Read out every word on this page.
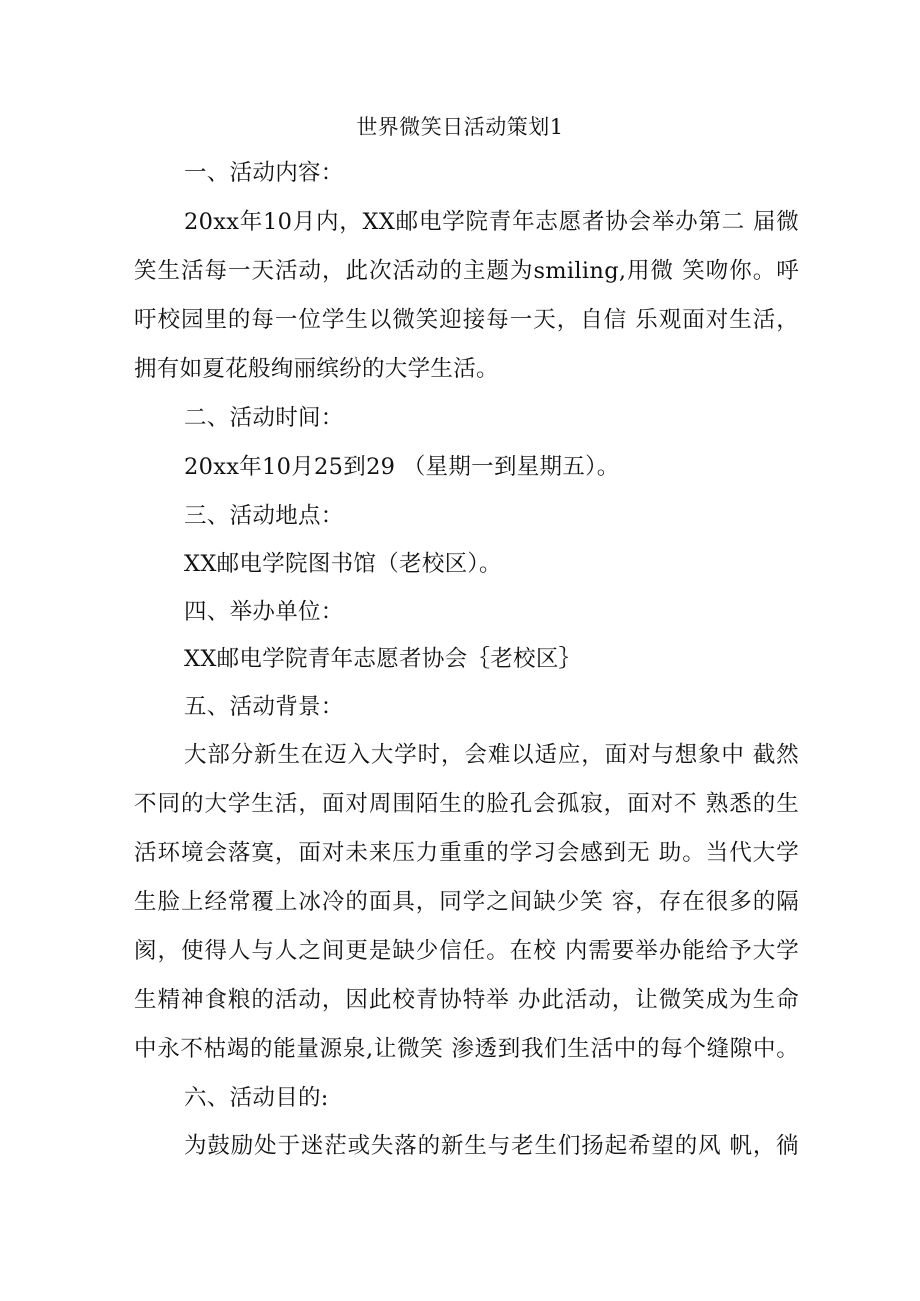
世界微笑日活动策划1
一、活动内容：
20xx年10月内，XX邮电学院青年志愿者协会举办第二 届微
笑生活每一天活动，此次活动的主题为smiling,用微 笑吻你。呼
吁校园里的每一位学生以微笑迎接每一天，自信 乐观面对生活，
拥有如夏花般绚丽缤纷的大学生活。
二、活动时间：
20xx年10月25到29 （星期一到星期五）。
三、活动地点：
XX邮电学院图书馆（老校区）。
四、举办单位：
XX邮电学院青年志愿者协会｛老校区｝
五、活动背景：
大部分新生在迈入大学时，会难以适应，面对与想象中 截然
不同的大学生活，面对周围陌生的脸孔会孤寂，面对不 熟悉的生
活环境会落寞，面对未来压力重重的学习会感到无 助。当代大学
生脸上经常覆上冰冷的面具，同学之间缺少笑 容，存在很多的隔
阂，使得人与人之间更是缺少信任。在校 内需要举办能给予大学
生精神食粮的活动，因此校青协特举 办此活动，让微笑成为生命
中永不枯竭的能量源泉,让微笑 渗透到我们生活中的每个缝隙中。
六、活动目的:
为鼓励处于迷茫或失落的新生与老生们扬起希望的风 帆，徜
